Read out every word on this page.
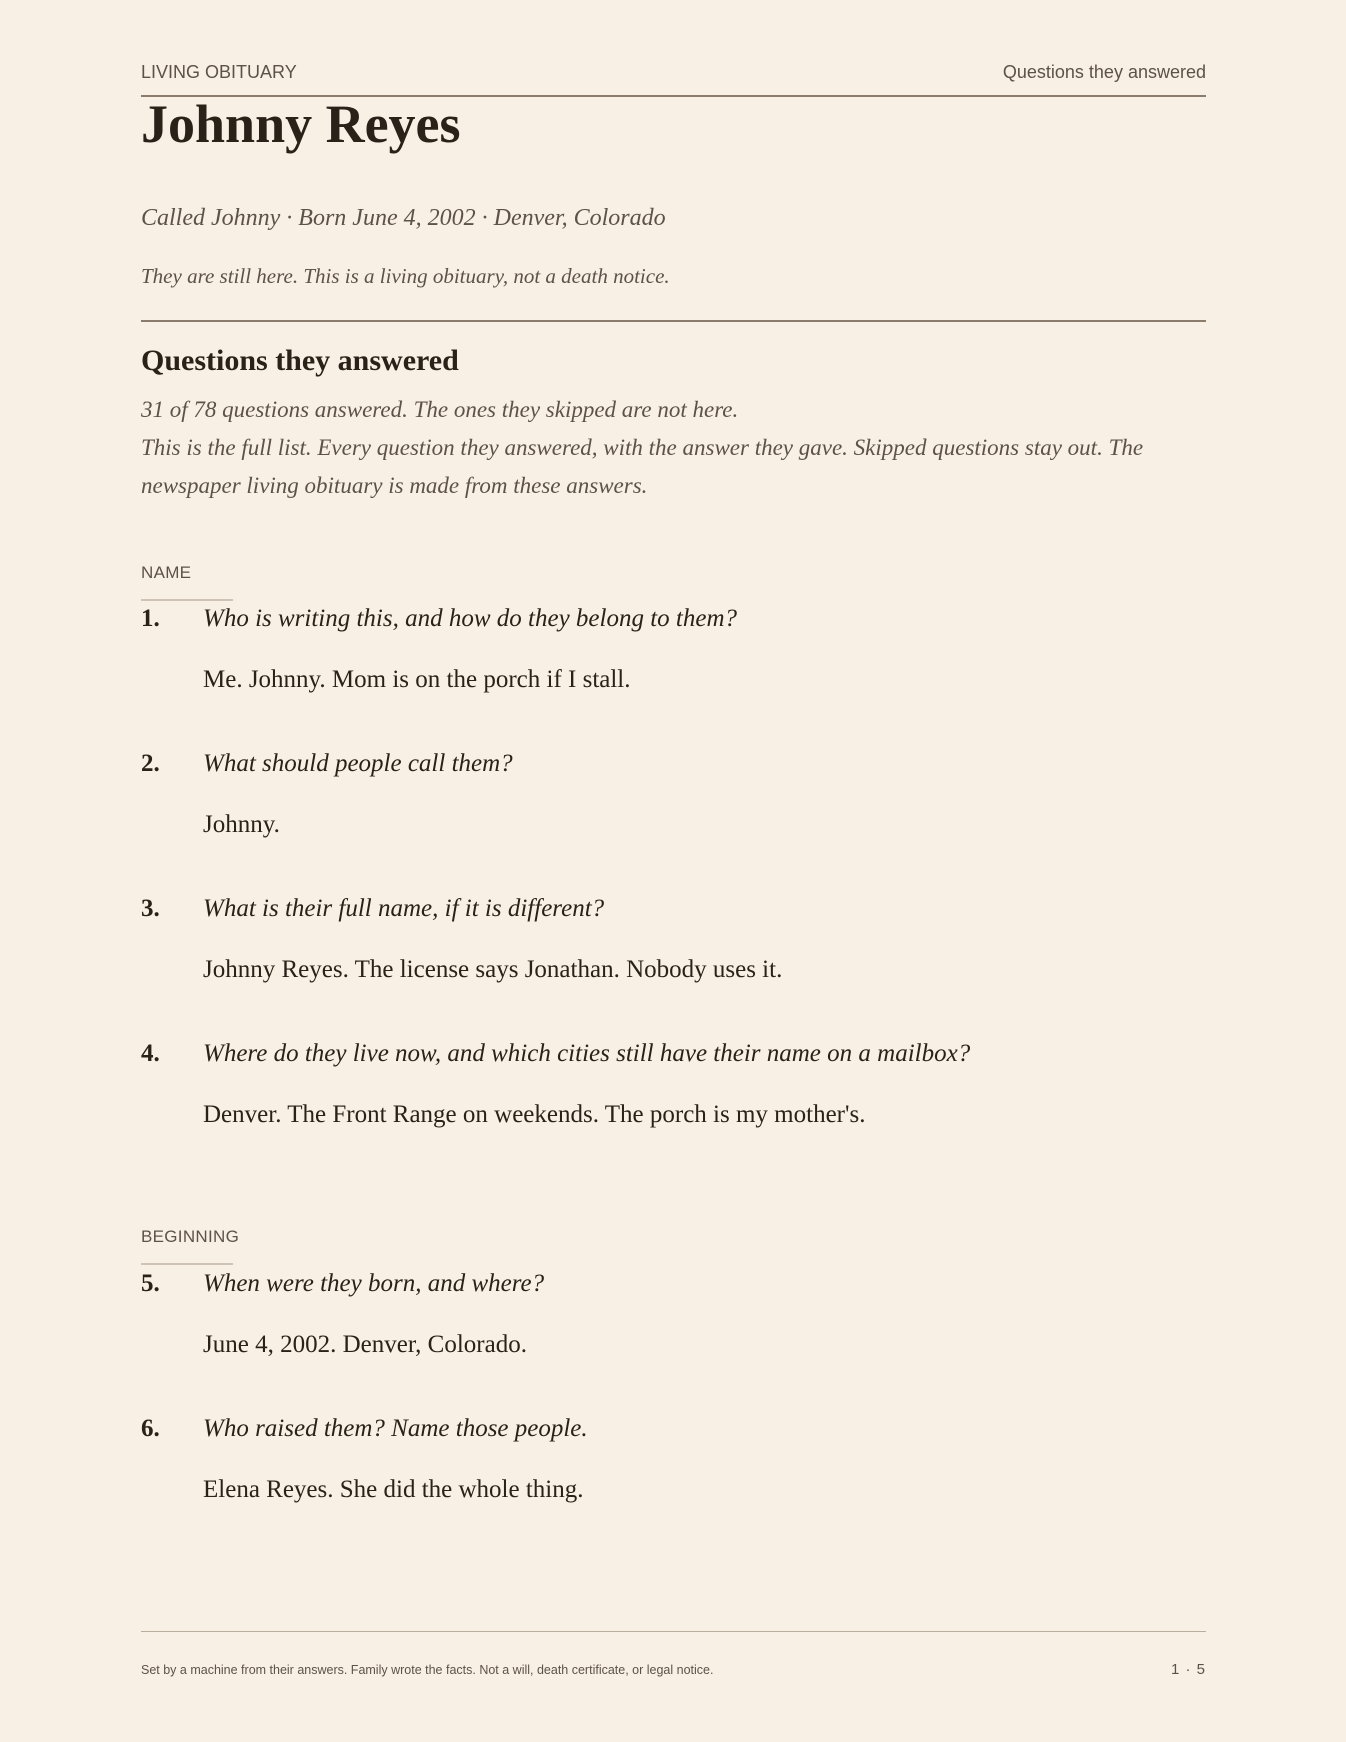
LIVING OBITUARY	Questions they answered
Johnny Reyes
Called Johnny · Born June 4, 2002 · Denver, Colorado
They are still here. This is a living obituary, not a death notice.
Questions they answered
31 of 78 questions answered. The ones they skipped are not here.
This is the full list. Every question they answered, with the answer they gave. Skipped questions stay out. The newspaper living obituary is made from these answers.
NAME
1. Who is writing this, and how do they belong to them?
Me. Johnny. Mom is on the porch if I stall.
2. What should people call them?
Johnny.
3. What is their full name, if it is different?
Johnny Reyes. The license says Jonathan. Nobody uses it.
4. Where do they live now, and which cities still have their name on a mailbox?
Denver. The Front Range on weekends. The porch is my mother's.
BEGINNING
5. When were they born, and where?
June 4, 2002. Denver, Colorado.
6. Who raised them? Name those people.
Elena Reyes. She did the whole thing.
Set by a machine from their answers. Family wrote the facts. Not a will, death certificate, or legal notice.	1 · 5
